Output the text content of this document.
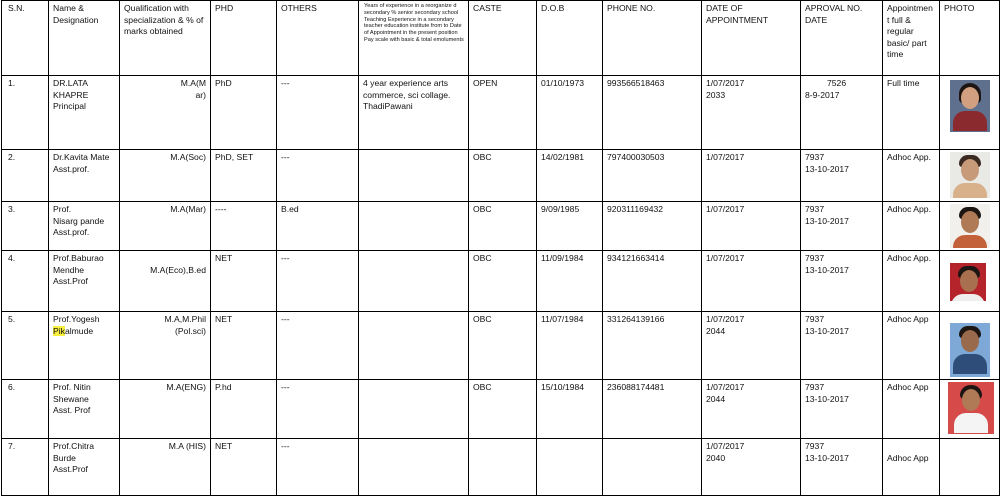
S.N.	Name & Designation	Qualification with specialization & % of marks obtained	PHD	OTHERS	Years of experience in a reorganize d secondary % senior secondary school Teaching Experience in a secondary teacher education institute from to Date of Appointment in the present position Pay scale with basic & total emoluments	CASTE	D.O.B	PHONE NO.	DATE OF APPOINTMENT	APROVAL NO. DATE	Appointmen t full & regular basic/ part time	PHOTO
1.	DR.LATA
KHAPRE
Principal	M.A(M
ar)	PhD	---	4 year experience arts commerce, sci collage. ThadiPawani	OPEN	01/10/1973	993566518463	1/07/2017
2033	7526
8-9-2017	Full time	

2.	Dr.Kavita Mate
Asst.prof.	M.A(Soc)	PhD, SET	---		OBC	14/02/1981	797400030503	1/07/2017	7937
13-10-2017	Adhoc App.	

3.	Prof.
Nisarg pande
Asst.prof.	M.A(Mar)	----	B.ed		OBC	9/09/1985	920311169432	1/07/2017	7937
13-10-2017	Adhoc App.	

4.	Prof.Baburao
Mendhe
Asst.Prof	M.A(Eco),B.ed	NET	---		OBC	11/09/1984	934121663414	1/07/2017	7937
13-10-2017	Adhoc App.	

5.	Prof.Yogesh
Pikalmude	M.A,M.Phil
(Pol.sci)	NET	---		OBC	11/07/1984	331264139166	1/07/2017
2044	7937
13-10-2017	Adhoc App	

6.	Prof. Nitin
Shewane
Asst. Prof	M.A(ENG)	P.hd	---		OBC	15/10/1984	236088174481	1/07/2017
2044	7937
13-10-2017	Adhoc App	

7.	Prof.Chitra
Burde
Asst.Prof	M.A (HIS)	NET	---					1/07/2017
2040	7937
13-10-2017	Adhoc App	
